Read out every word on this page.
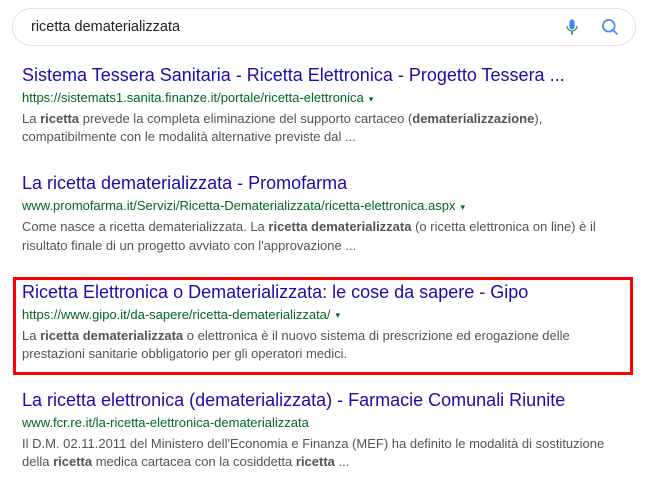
ricetta dematerializzata
Sistema Tessera Sanitaria - Ricetta Elettronica - Progetto Tessera ...
https://sistemats1.sanita.finanze.it/portale/ricetta-elettronica ▾
La ricetta prevede la completa eliminazione del supporto cartaceo (dematerializzazione), compatibilmente con le modalità alternative previste dal ...
La ricetta dematerializzata - Promofarma
www.promofarma.it/Servizi/Ricetta-Dematerializzata/ricetta-elettronica.aspx ▾
Come nasce a ricetta dematerializzata. La ricetta dematerializzata (o ricetta elettronica on line) è il risultato finale di un progetto avviato con l'approvazione ...
Ricetta Elettronica o Dematerializzata: le cose da sapere - Gipo
https://www.gipo.it/da-sapere/ricetta-dematerializzata/ ▾
La ricetta dematerializzata o elettronica è il nuovo sistema di prescrizione ed erogazione delle prestazioni sanitarie obbligatorio per gli operatori medici.
La ricetta elettronica (dematerializzata) - Farmacie Comunali Riunite
www.fcr.re.it/la-ricetta-elettronica-dematerializzata
Il D.M. 02.11.2011 del Ministero dell'Economia e Finanza (MEF) ha definito le modalità di sostituzione della ricetta medica cartacea con la cosiddetta ricetta ...
